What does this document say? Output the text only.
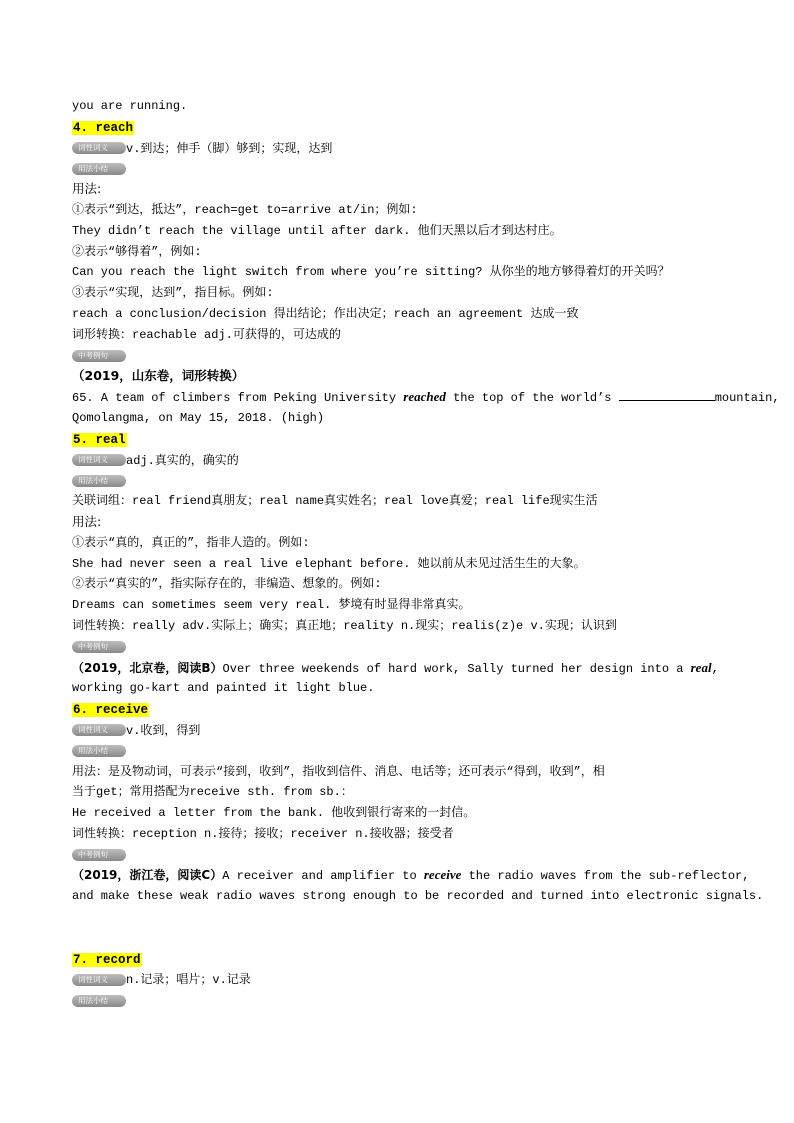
you are running.
4. reach
词性词义 v.到达；伸手（脚）够到；实现，达到
用法小结
用法:
①表示“到达，抵达”，reach=get to=arrive at/in；例如:
They didn’t reach the village until after dark. 他们天黑以后才到达村庄。
②表示“够得着”，例如:
Can you reach the light switch from where you’re sitting? 从你坐的地方够得着灯的开关吗？
③表示“实现，达到”，指目标。例如:
reach a conclusion/decision 得出结论；作出决定；reach an agreement 达成一致
词形转换：reachable adj.可获得的，可达成的
中考例句
（2019，山东卷，词形转换）
65. A team of climbers from Peking University reached the top of the world’s	mountain,
Qomolangma, on May 15, 2018. (high)
5. real
词性词义 adj.真实的，确实的
用法小结
关联词组：real friend真朋友；real name真实姓名；real love真爱；real life现实生活
用法:
①表示“真的，真正的”，指非人造的。例如:
She had never seen a real live elephant before. 她以前从未见过活生生的大象。
②表示“真实的”，指实际存在的，非编造、想象的。例如:
Dreams can sometimes seem very real. 梦境有时显得非常真实。
词性转换：really adv.实际上；确实；真正地；reality n.现实；realis(z)e v.实现；认识到
中考例句
（2019，北京卷，阅读B）Over three weekends of hard work, Sally turned her design into a real,
working go-kart and painted it light blue.
6. receive
词性词义 v.收到，得到
用法小结
用法：是及物动词，可表示“接到，收到”，指收到信件、消息、电话等；还可表示“得到，收到”，相
当于get；常用搭配为receive sth. from sb.：
He received a letter from the bank. 他收到银行寄来的一封信。
词性转换：reception n.接待；接收；receiver n.接收器；接受者
中考例句
（2019，浙江卷，阅读C）A receiver and amplifier to receive the radio waves from the sub-reflector,
and make these weak radio waves strong enough to be recorded and turned into electronic signals.
7. record
词性词义 n.记录；唱片；v.记录
用法小结
